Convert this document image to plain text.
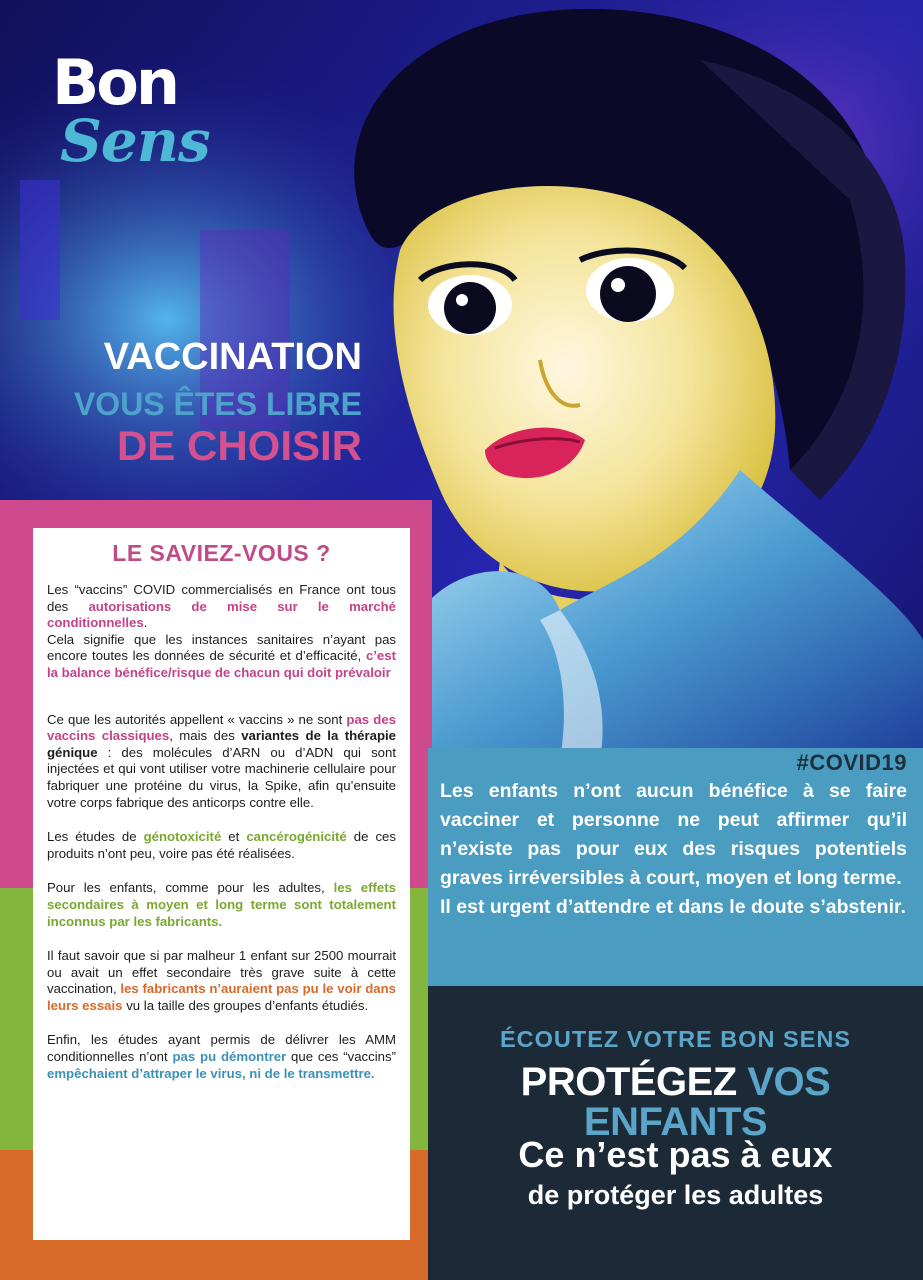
Bon
Sens
VACCINATION
VOUS ÊTES LIBRE
DE CHOISIR
LE SAVIEZ-VOUS ?

Les “vaccins” COVID commercialisés en France ont tous des autorisations de mise sur le marché conditionnelles.

Cela signifie que les instances sanitaires n’ayant pas encore toutes les données de sécurité et d’efficacité, c’est la balance bénéfice/risque de chacun qui doit prévaloir

Ce que les autorités appellent « vaccins » ne sont pas des vaccins classiques, mais des variantes de la thérapie génique : des molécules d’ARN ou d’ADN qui sont injectées et qui vont utiliser votre machinerie cellulaire pour fabriquer une protéine du virus, la Spike, afin qu’ensuite votre corps fabrique des anticorps contre elle.

Les études de génotoxicité et cancérogénicité de ces produits n’ont peu, voire pas été réalisées.

Pour les enfants, comme pour les adultes, les effets secondaires à moyen et long terme sont totalement inconnus par les fabricants.

Il faut savoir que si par malheur 1 enfant sur 2500 mourrait ou avait un effet secondaire très grave suite à cette vaccination, les fabricants n’auraient pas pu le voir dans leurs essais vu la taille des groupes d’enfants étudiés.

Enfin, les études ayant permis de délivrer les AMM conditionnelles n’ont pas pu démontrer que ces “vaccins” empêchaient d’attraper le virus, ni de le transmettre.

#COVID19
Les enfants n’ont aucun bénéfice à se faire vacciner et personne ne peut affirmer qu’il n’existe pas pour eux des risques potentiels graves irréversibles à court, moyen et long terme.
Il est urgent d’attendre et dans le doute s’abstenir.
ÉCOUTEZ VOTRE BON SENS
PROTÉGEZ VOS ENFANTS
Ce n’est pas à eux
de protéger les adultes
